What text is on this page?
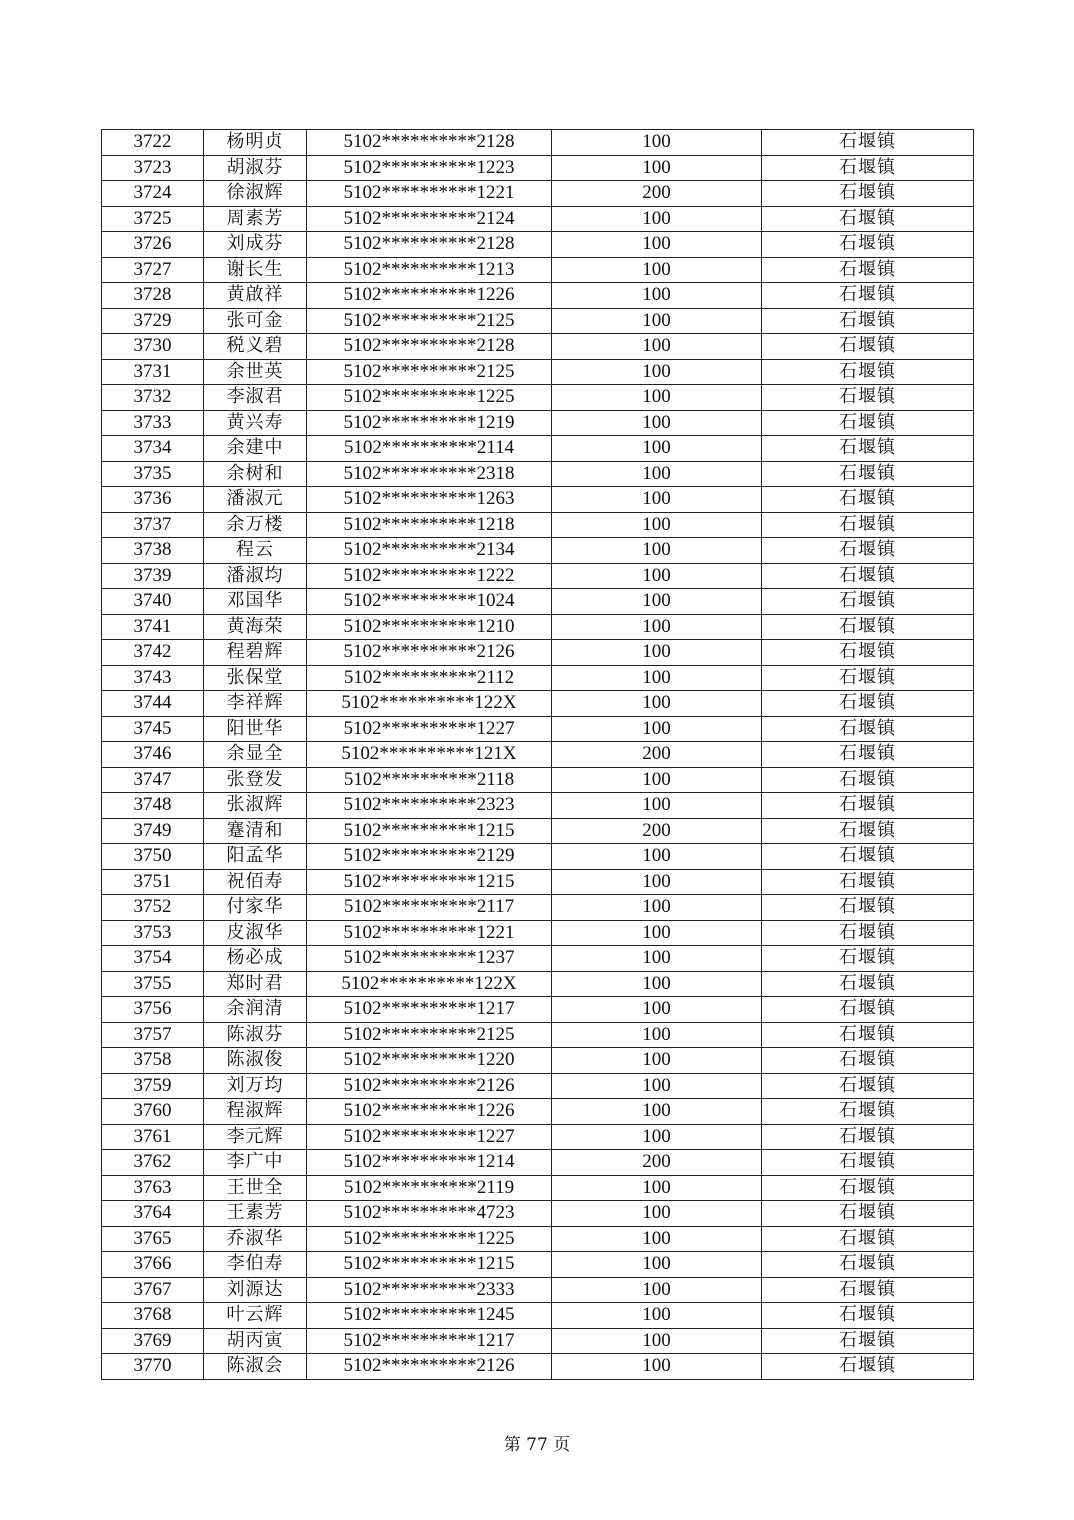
3722	杨明贞	5102**********2128	100	石堰镇
3723	胡淑芬	5102**********1223	100	石堰镇
3724	徐淑辉	5102**********1221	200	石堰镇
3725	周素芳	5102**********2124	100	石堰镇
3726	刘成芬	5102**********2128	100	石堰镇
3727	谢长生	5102**********1213	100	石堰镇
3728	黄啟祥	5102**********1226	100	石堰镇
3729	张可金	5102**********2125	100	石堰镇
3730	税义碧	5102**********2128	100	石堰镇
3731	余世英	5102**********2125	100	石堰镇
3732	李淑君	5102**********1225	100	石堰镇
3733	黄兴寿	5102**********1219	100	石堰镇
3734	余建中	5102**********2114	100	石堰镇
3735	余树和	5102**********2318	100	石堰镇
3736	潘淑元	5102**********1263	100	石堰镇
3737	余万楼	5102**********1218	100	石堰镇
3738	程云	5102**********2134	100	石堰镇
3739	潘淑均	5102**********1222	100	石堰镇
3740	邓国华	5102**********1024	100	石堰镇
3741	黄海荣	5102**********1210	100	石堰镇
3742	程碧辉	5102**********2126	100	石堰镇
3743	张保堂	5102**********2112	100	石堰镇
3744	李祥辉	5102**********122X	100	石堰镇
3745	阳世华	5102**********1227	100	石堰镇
3746	余显全	5102**********121X	200	石堰镇
3747	张登发	5102**********2118	100	石堰镇
3748	张淑辉	5102**********2323	100	石堰镇
3749	蹇清和	5102**********1215	200	石堰镇
3750	阳孟华	5102**********2129	100	石堰镇
3751	祝佰寿	5102**********1215	100	石堰镇
3752	付家华	5102**********2117	100	石堰镇
3753	皮淑华	5102**********1221	100	石堰镇
3754	杨必成	5102**********1237	100	石堰镇
3755	郑时君	5102**********122X	100	石堰镇
3756	余润清	5102**********1217	100	石堰镇
3757	陈淑芬	5102**********2125	100	石堰镇
3758	陈淑俊	5102**********1220	100	石堰镇
3759	刘万均	5102**********2126	100	石堰镇
3760	程淑辉	5102**********1226	100	石堰镇
3761	李元辉	5102**********1227	100	石堰镇
3762	李广中	5102**********1214	200	石堰镇
3763	王世全	5102**********2119	100	石堰镇
3764	王素芳	5102**********4723	100	石堰镇
3765	乔淑华	5102**********1225	100	石堰镇
3766	李伯寿	5102**********1215	100	石堰镇
3767	刘源达	5102**********2333	100	石堰镇
3768	叶云辉	5102**********1245	100	石堰镇
3769	胡丙寅	5102**********1217	100	石堰镇
3770	陈淑会	5102**********2126	100	石堰镇
第 77 页
